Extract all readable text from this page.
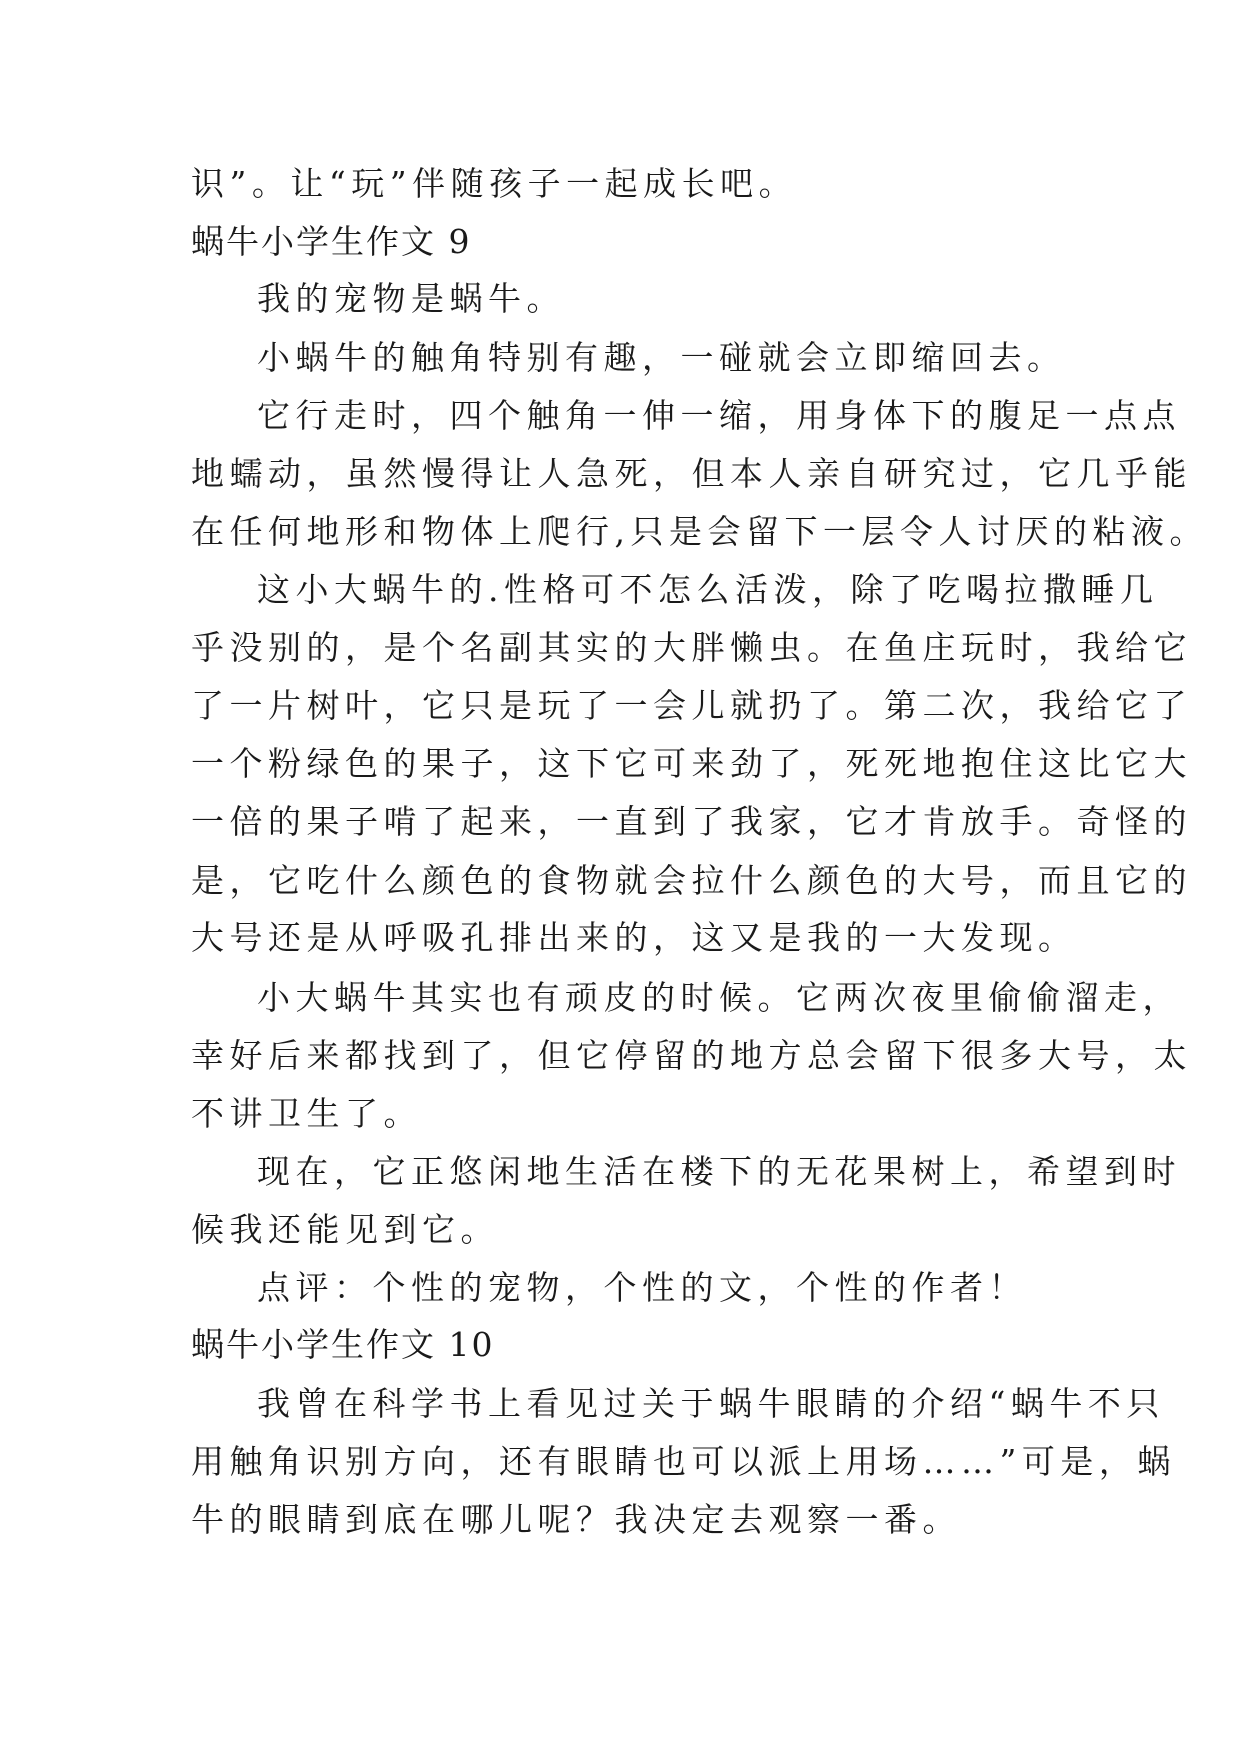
识”。让“玩”伴随孩子一起成长吧。
蜗牛小学生作文 9
我的宠物是蜗牛。
小蜗牛的触角特别有趣，一碰就会立即缩回去。
它行走时，四个触角一伸一缩，用身体下的腹足一点点
地蠕动，虽然慢得让人急死，但本人亲自研究过，它几乎能
在任何地形和物体上爬行,只是会留下一层令人讨厌的粘液。
这小大蜗牛的.性格可不怎么活泼，除了吃喝拉撒睡几
乎没别的，是个名副其实的大胖懒虫。在鱼庄玩时，我给它
了一片树叶，它只是玩了一会儿就扔了。第二次，我给它了
一个粉绿色的果子，这下它可来劲了，死死地抱住这比它大
一倍的果子啃了起来，一直到了我家，它才肯放手。奇怪的
是，它吃什么颜色的食物就会拉什么颜色的大号，而且它的
大号还是从呼吸孔排出来的，这又是我的一大发现。
小大蜗牛其实也有顽皮的时候。它两次夜里偷偷溜走，
幸好后来都找到了，但它停留的地方总会留下很多大号，太
不讲卫生了。
现在，它正悠闲地生活在楼下的无花果树上，希望到时
候我还能见到它。
点评：个性的宠物，个性的文，个性的作者！
蜗牛小学生作文 10
我曾在科学书上看见过关于蜗牛眼睛的介绍“蜗牛不只
用触角识别方向，还有眼睛也可以派上用场……”可是，蜗
牛的眼睛到底在哪儿呢？我决定去观察一番。
